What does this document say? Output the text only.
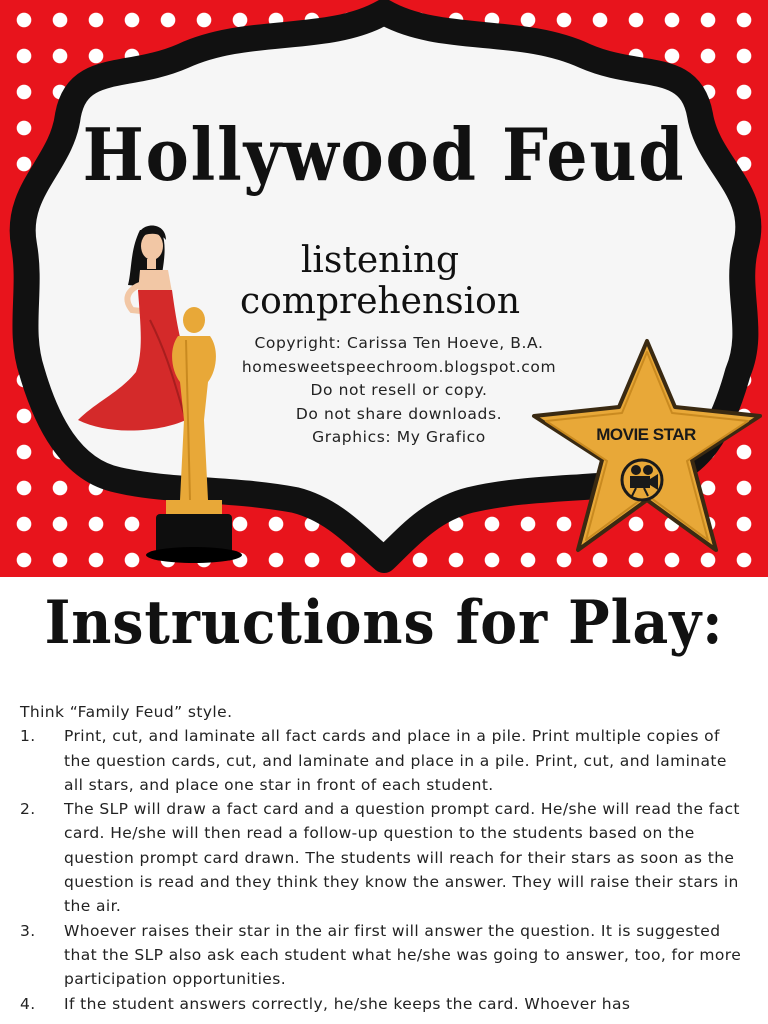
Hollywood Feud
listening comprehension
Copyright: Carissa Ten Hoeve, B.A.
homesweetspeechroom.blogspot.com
Do not resell or copy.
Do not share downloads.
Graphics: My Grafico	MOVIE STAR
Instructions for Play:

Think “Family Feud” style.

1. Print, cut, and laminate all fact cards and place in a pile. Print multiple copies of the question cards, cut, and laminate and place in a pile. Print, cut, and laminate all stars, and place one star in front of each student.
2. The SLP will draw a fact card and a question prompt card. He/she will read the fact card. He/she will then read a follow-up question to the students based on the question prompt card drawn. The students will reach for their stars as soon as the question is read and they think they know the answer. They will raise their stars in the air.
3. Whoever raises their star in the air first will answer the question. It is suggested that the SLP also ask each student what he/she was going to answer, too, for more participation opportunities.
4. If the student answers correctly, he/she keeps the card. Whoever has
